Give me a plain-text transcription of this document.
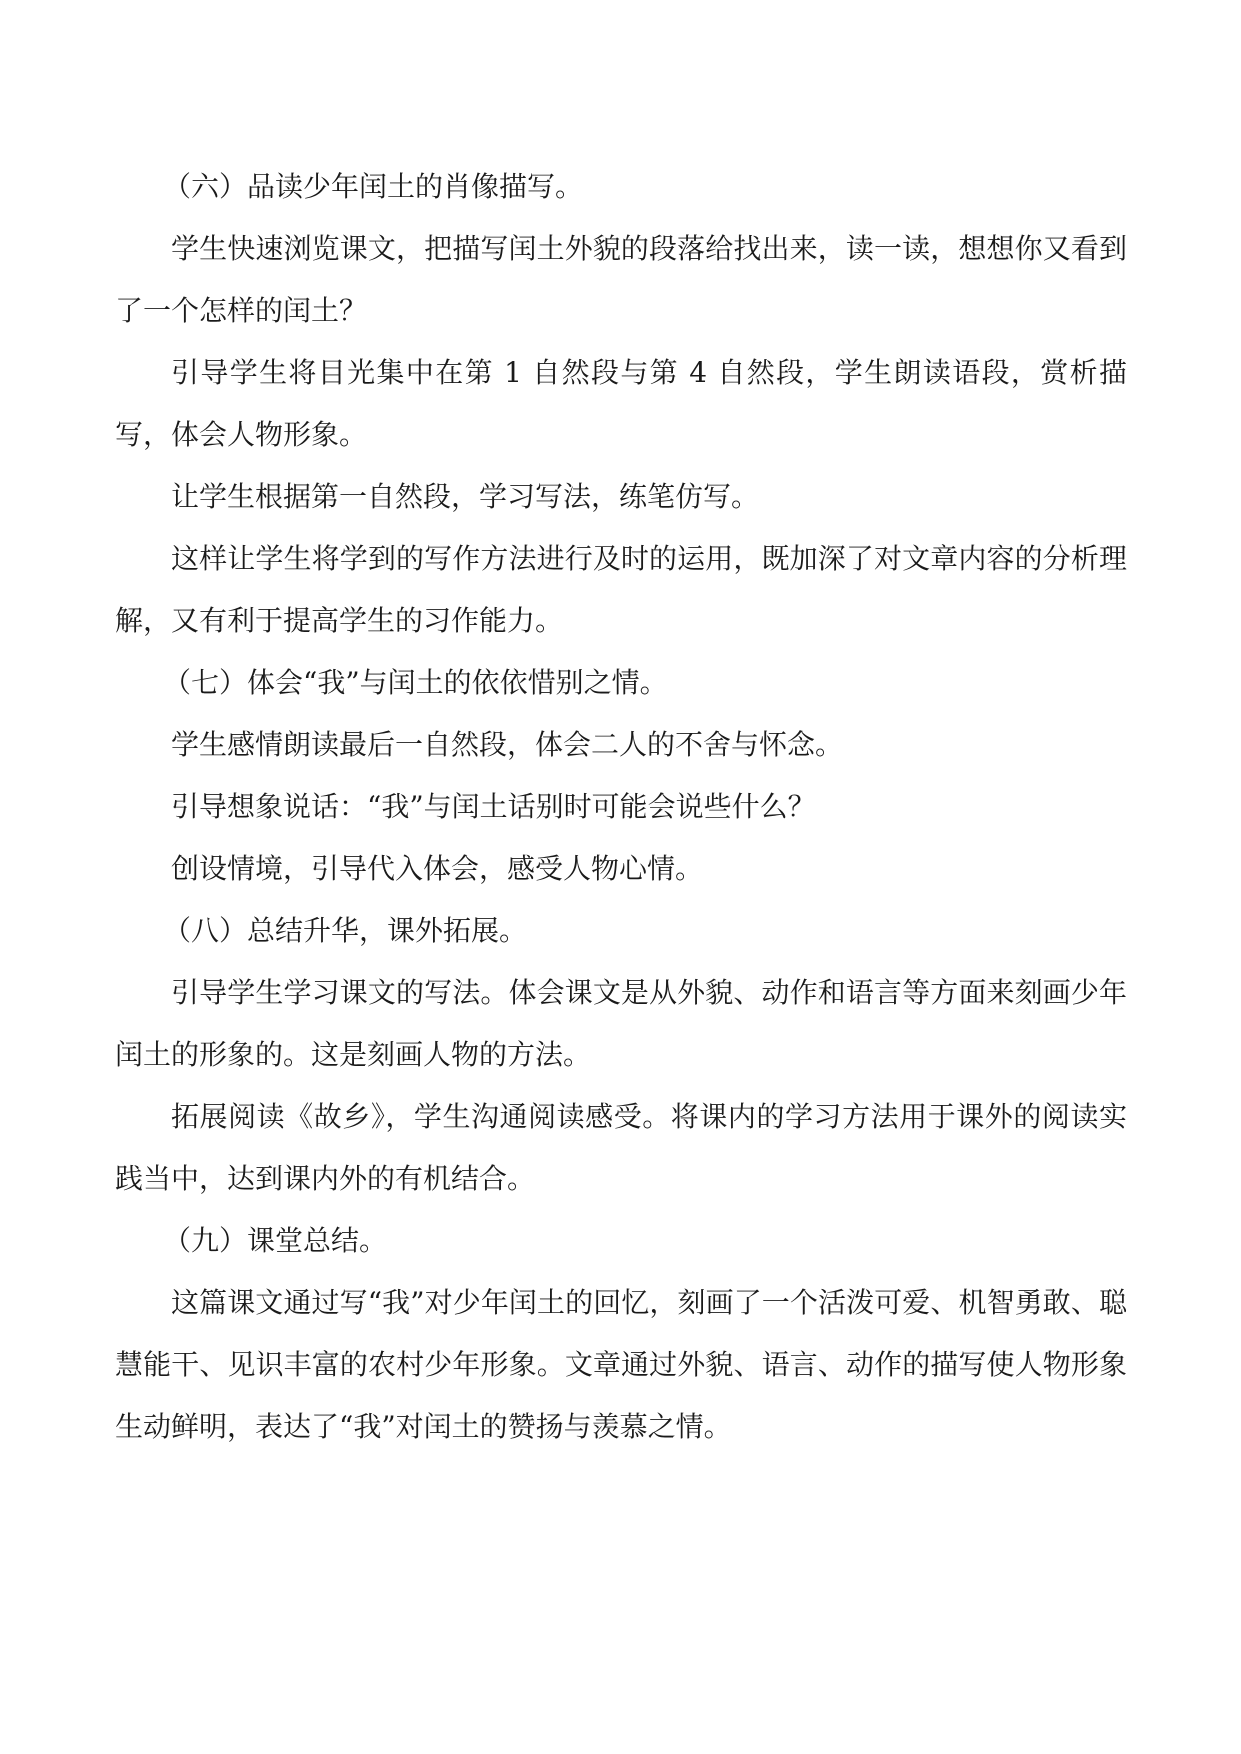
（六）品读少年闰土的肖像描写。

学生快速浏览课文，把描写闰土外貌的段落给找出来，读一读，想想你又看到了一个怎样的闰土？

引导学生将目光集中在第 1 自然段与第 4 自然段，学生朗读语段，赏析描写，体会人物形象。

让学生根据第一自然段，学习写法，练笔仿写。

这样让学生将学到的写作方法进行及时的运用，既加深了对文章内容的分析理解，又有利于提高学生的习作能力。

（七）体会“我”与闰土的依依惜别之情。

学生感情朗读最后一自然段，体会二人的不舍与怀念。

引导想象说话：“我”与闰土话别时可能会说些什么？

创设情境，引导代入体会，感受人物心情。

（八）总结升华，课外拓展。

引导学生学习课文的写法。体会课文是从外貌、动作和语言等方面来刻画少年闰土的形象的。这是刻画人物的方法。

拓展阅读《故乡》，学生沟通阅读感受。将课内的学习方法用于课外的阅读实践当中，达到课内外的有机结合。

（九）课堂总结。

这篇课文通过写“我”对少年闰土的回忆，刻画了一个活泼可爱、机智勇敢、聪慧能干、见识丰富的农村少年形象。文章通过外貌、语言、动作的描写使人物形象生动鲜明，表达了“我”对闰土的赞扬与羡慕之情。
